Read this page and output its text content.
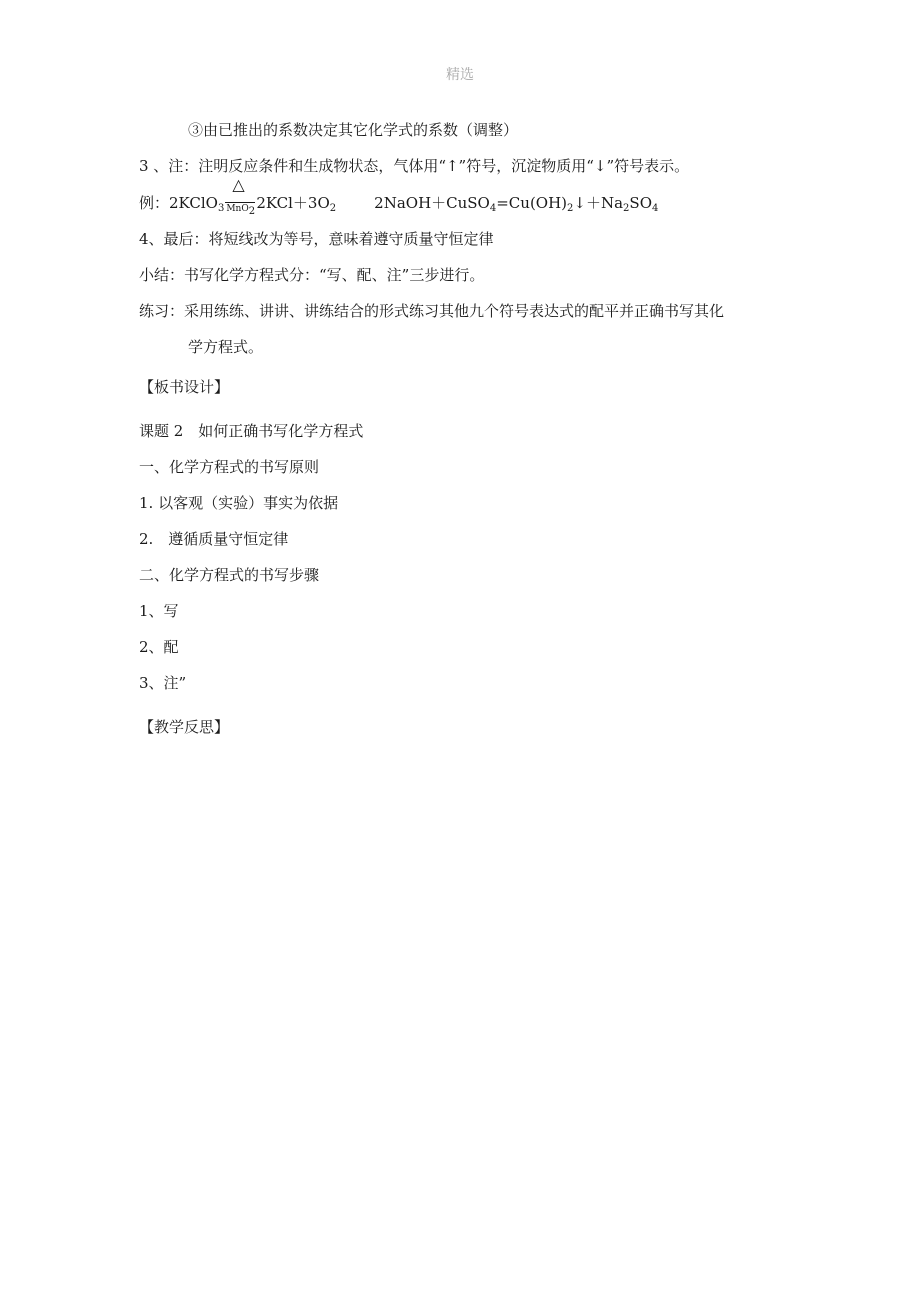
精选
③由已推出的系数决定其它化学式的系数（调整）
3 、注：注明反应条件和生成物状态，气体用“↑”符号，沉淀物质用“↓”符号表示。
例：2KClO$_3$
△
MnO$_2$ $2KCl+3O_2$	$2NaOH+CuSO_4=Cu(OH)_2↓+Na_2SO_4$
4、最后：将短线改为等号，意味着遵守质量守恒定律
小结：书写化学方程式分：“写、配、注”三步进行。
练习：采用练练、讲讲、讲练结合的形式练习其他九个符号表达式的配平并正确书写其化
学方程式。
【板书设计】
课题 2　如何正确书写化学方程式
一、化学方程式的书写原则
1. 以客观（实验）事实为依据
2.　遵循质量守恒定律
二、化学方程式的书写步骤
1、写
2、配
3、注”
【教学反思】
